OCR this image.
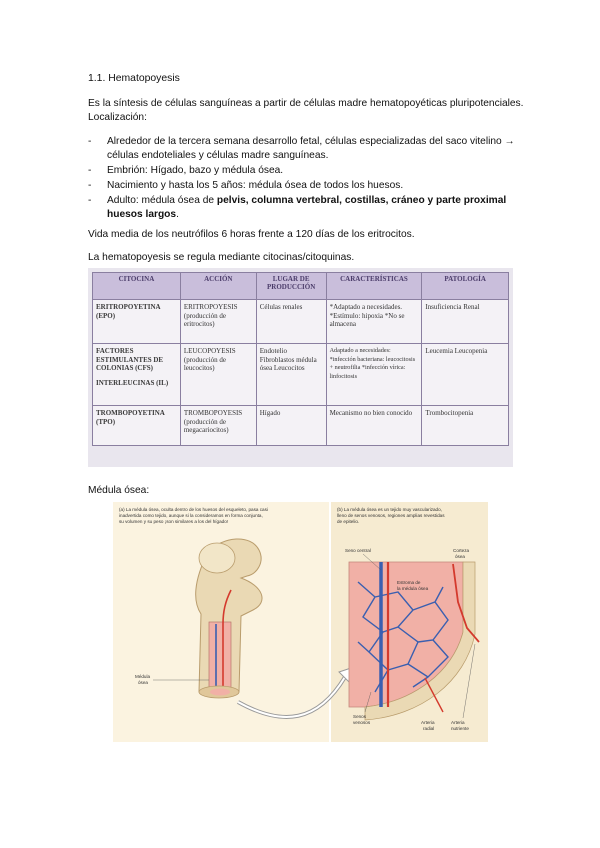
1.1. Hematopoyesis
Es la síntesis de células sanguíneas a partir de células madre hematopoyéticas pluripotenciales.
Localización:
- Alrededor de la tercera semana desarrollo fetal, células especializadas del saco vitelino → células endoteliales y células madre sanguíneas.
- Embrión: Hígado, bazo y médula ósea.
- Nacimiento y hasta los 5 años: médula ósea de todos los huesos.
- Adulto: médula ósea de pelvis, columna vertebral, costillas, cráneo y parte proximal huesos largos.
Vida media de los neutrófilos 6 horas frente a 120 días de los eritrocitos.
La hematopoyesis se regula mediante citocinas/citoquinas.
CITOCINA	ACCIÓN	LUGAR DE PRODUCCIÓN	CARACTERÍSTICAS	PATOLOGÍA
ERITROPOYETINA (EPO)	ERITROPOYESIS (producción de eritrocitos)	Células renales	*Adaptado a necesidades. *Estímulo: hipoxia *No se almacena	Insuficiencia Renal
FACTORES ESTIMULANTES DE COLONIAS (CFS)
INTERLEUCINAS (IL)	LEUCOPOYESIS (producción de leucocitos)	Endotelio Fibroblastos médula ósea Leucocitos	Adaptado a necesidades: *infección bacteriana: leucocitosis + neutrofilia *infección vírica: linfocitosis	Leucemia Leucopenia
TROMBOPOYETINA (TPO)	TROMBOPOYESIS (producción de megacariocitos)	Hígado	Mecanismo no bien conocido	Trombocitopenia
Médula ósea:
(a) La médula ósea, oculta dentro de los huesos del esqueleto, pasa casi
inadvertida como tejido, aunque si la consideramos en forma conjunta,
su volumen y su peso ¡son similares a los del hígado!
(b) La médula ósea es un tejido muy vascularizado,
lleno de senos venosos, regiones amplias revestidas
de epitelio.
Médula
ósea
Seno central	Corteza
ósea
Estroma de
la médula ósea
Senos
venosos	Arteria
radial
Arteria
nutriente
